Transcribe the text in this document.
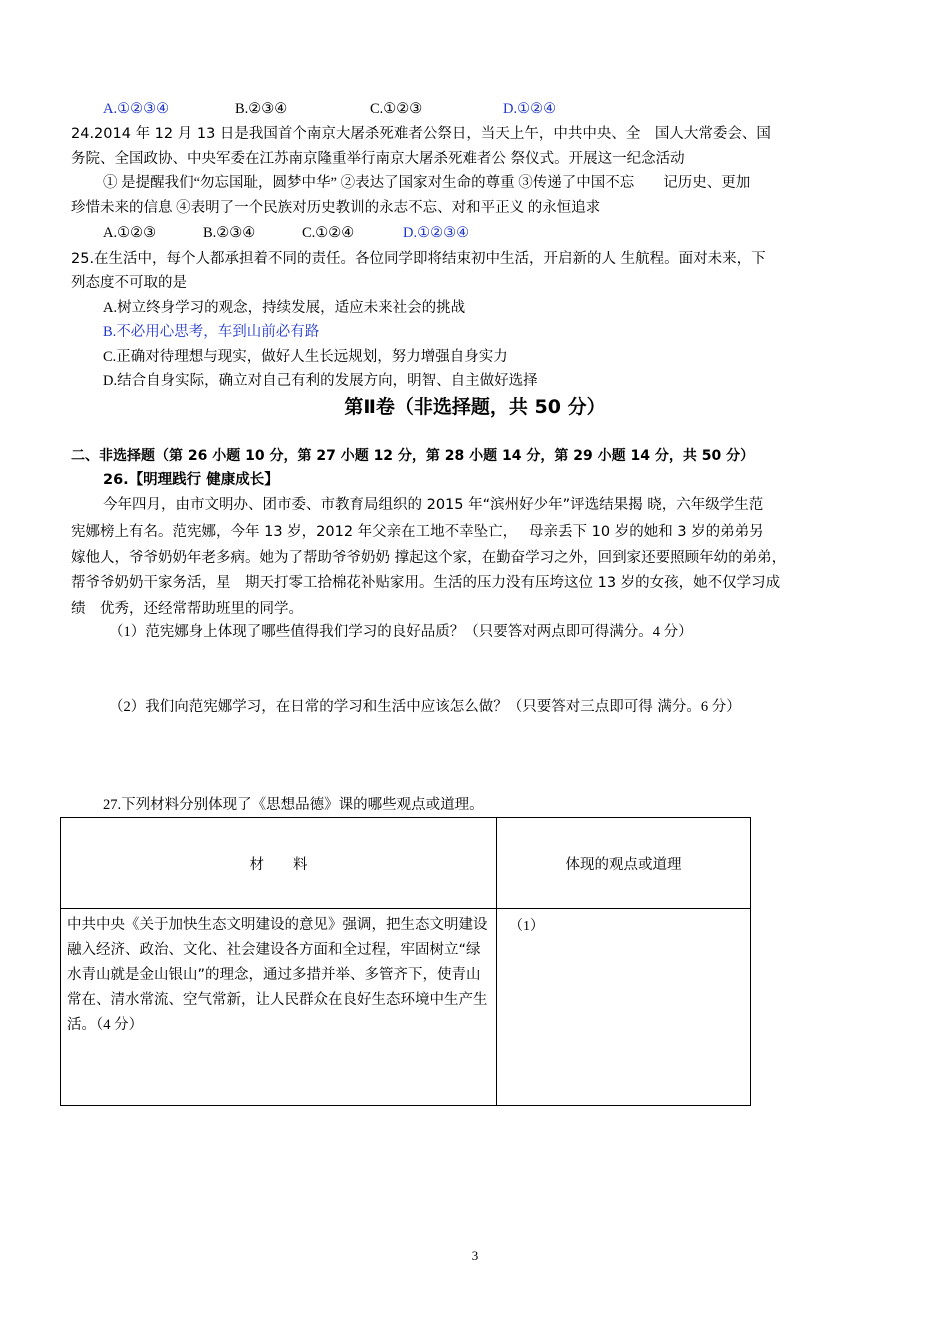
A.①②③④	B.②③④	C.①②③	D.①②④
24.2014 年 12 月 13 日是我国首个南京大屠杀死难者公祭日，当天上午，中共中央、全　国人大常委会、国
务院、全国政协、中央军委在江苏南京隆重举行南京大屠杀死难者公 祭仪式。开展这一纪念活动
① 是提醒我们“勿忘国耻，圆梦中华” ②表达了国家对生命的尊重 ③传递了中国不忘　　记历史、更加
珍惜未来的信息 ④表明了一个民族对历史教训的永志不忘、对和平正义 的永恒追求
A.①②③	B.②③④	C.①②④	D.①②③④
25.在生活中，每个人都承担着不同的责任。各位同学即将结束初中生活，开启新的人 生航程。面对未来，下
列态度不可取的是
A.树立终身学习的观念，持续发展，适应未来社会的挑战
B.不必用心思考，车到山前必有路
C.正确对待理想与现实，做好人生长远规划，努力增强自身实力
D.结合自身实际，确立对自己有利的发展方向，明智、自主做好选择
第Ⅱ卷（非选择题，共 50 分）
二、非选择题（第 26 小题 10 分，第 27 小题 12 分，第 28 小题 14 分，第 29 小题 14 分，共 50 分）
26.【明理践行 健康成长】
今年四月，由市文明办、团市委、市教育局组织的 2015 年“滨州好少年”评选结果揭 晓，六年级学生范
宪娜榜上有名。范宪娜，今年 13 岁，2012 年父亲在工地不幸坠亡，　 母亲丢下 10 岁的她和 3 岁的弟弟另
嫁他人，爷爷奶奶年老多病。她为了帮助爷爷奶奶 撑起这个家，在勤奋学习之外，回到家还要照顾年幼的弟弟，
帮爷爷奶奶干家务活，星　期天打零工拾棉花补贴家用。生活的压力没有压垮这位 13 岁的女孩，她不仅学习成
绩　优秀，还经常帮助班里的同学。
（1）范宪娜身上体现了哪些值得我们学习的良好品质？（只要答对两点即可得满分。4 分）
（2）我们向范宪娜学习，在日常的学习和生活中应该怎么做？（只要答对三点即可得 满分。6 分）
27.下列材料分别体现了《思想品德》课的哪些观点或道理。
材　　料	体现的观点或道理

中共中央《关于加快生态文明建设的意见》强调，把生态文明建设融入经济、政治、文化、社会建设各方面和全过程，牢固树立“绿水青山就是金山银山”的理念，通过多措并举、多管齐下，使青山常在、清水常流、空气常新，让人民群众在良好生态环境中生产生活。（4 分）	（1）
3
